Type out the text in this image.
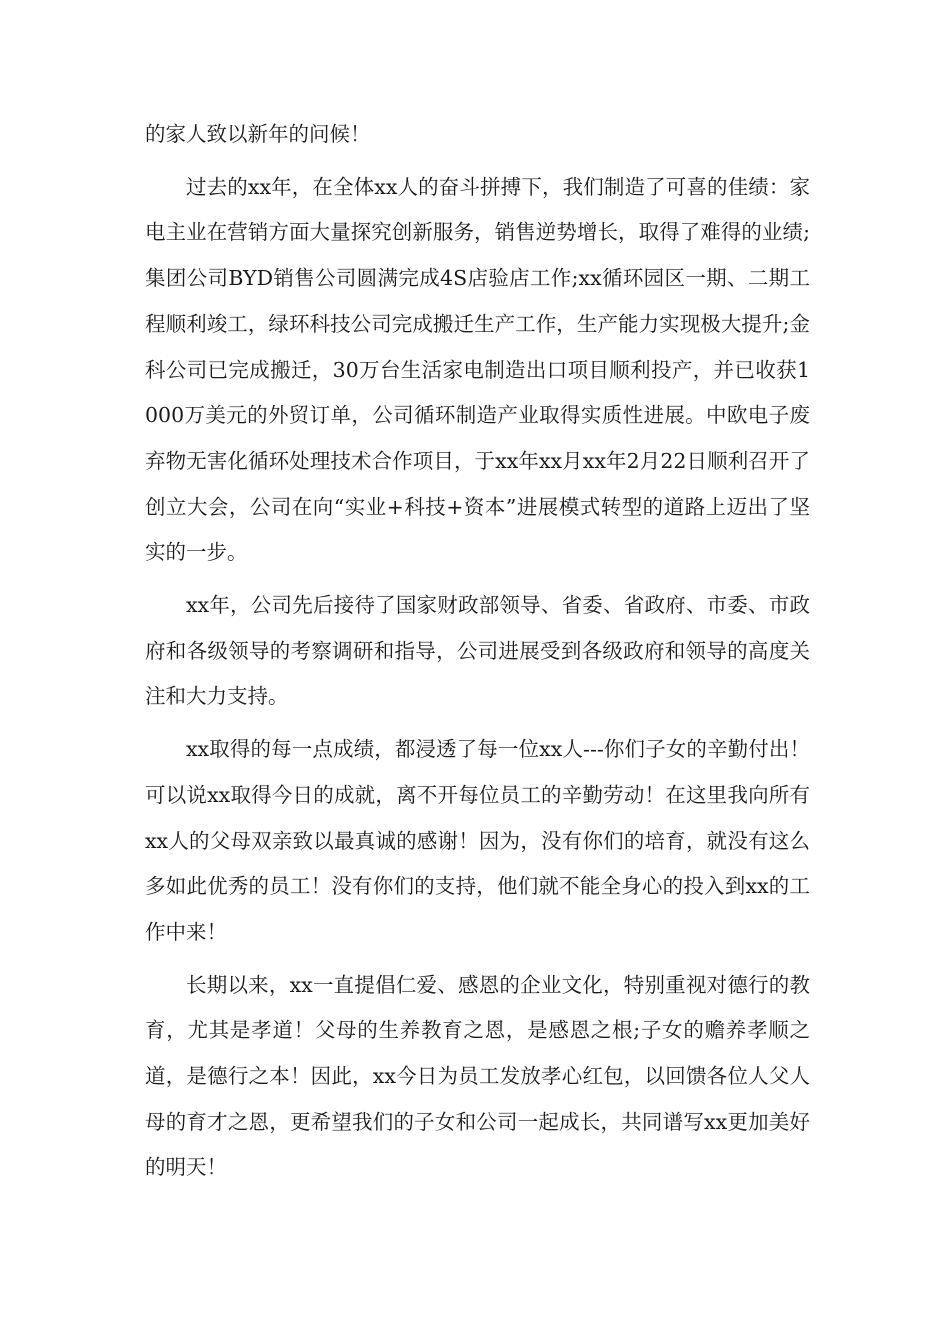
的家人致以新年的问候！

过去的xx年，在全体xx人的奋斗拼搏下，我们制造了可喜的佳绩：家电主业在营销方面大量探究创新服务，销售逆势增长，取得了难得的业绩;集团公司BYD销售公司圆满完成4S店验店工作;xx循环园区一期、二期工程顺利竣工，绿环科技公司完成搬迁生产工作，生产能力实现极大提升;金科公司已完成搬迁，30万台生活家电制造出口项目顺利投产，并已收获1000万美元的外贸订单，公司循环制造产业取得实质性进展。中欧电子废弃物无害化循环处理技术合作项目，于xx年xx月xx年2月22日顺利召开了创立大会，公司在向“实业+科技+资本”进展模式转型的道路上迈出了坚实的一步。

xx年，公司先后接待了国家财政部领导、省委、省政府、市委、市政府和各级领导的考察调研和指导，公司进展受到各级政府和领导的高度关注和大力支持。

xx取得的每一点成绩，都浸透了每一位xx人---你们子女的辛勤付出！可以说xx取得今日的成就，离不开每位员工的辛勤劳动！在这里我向所有xx人的父母双亲致以最真诚的感谢！因为，没有你们的培育，就没有这么多如此优秀的员工！没有你们的支持，他们就不能全身心的投入到xx的工作中来！

长期以来，xx一直提倡仁爱、感恩的企业文化，特别重视对德行的教育，尤其是孝道！父母的生养教育之恩，是感恩之根;子女的赡养孝顺之道，是德行之本！因此，xx今日为员工发放孝心红包，以回馈各位人父人母的育才之恩，更希望我们的子女和公司一起成长，共同谱写xx更加美好的明天！
